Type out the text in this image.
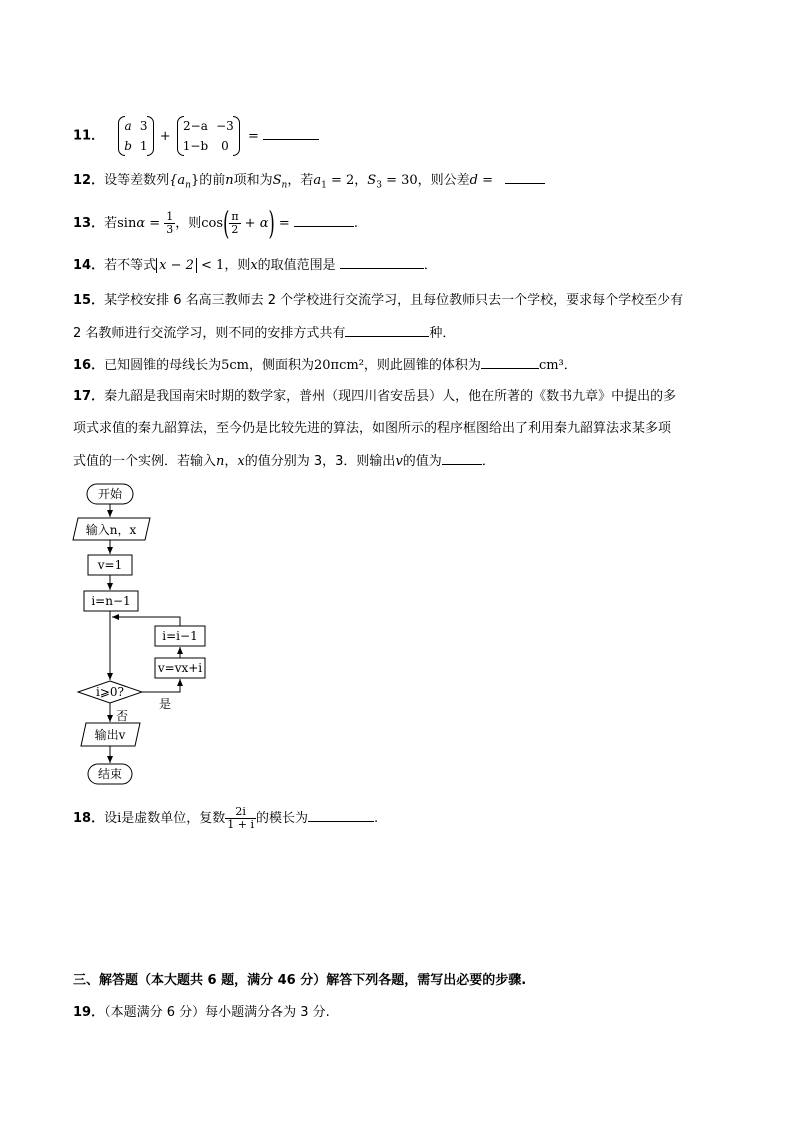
11．
a	3
b	1
+
2−a	−3
1−b	0
=
12．设等差数列$\{a_n\}$的前n项和为$S_n$，若$a_1 = 2$，$S_3 = 30$，则公差d =
13．若$\sin\alpha = \frac{1}{3}$ ，则$\cos( \frac{\pi}{2} + \alpha)$ =	.
14．若不等式 x − 2 < 1，则x的取值范围是	．
15．某学校安排 6 名高三教师去 2 个学校进行交流学习，且每位教师只去一个学校，要求每个学校至少有
2 名教师进行交流学习，则不同的安排方式共有	种．
16．已知圆锥的母线长为5cm，侧面积为20πcm²，则此圆锥的体积为	cm³．
17．秦九韶是我国南宋时期的数学家，普州（现四川省安岳县）人，他在所著的《数书九章》中提出的多
项式求值的秦九韶算法，至今仍是比较先进的算法，如图所示的程序框图给出了利用秦九韶算法求某多项
式值的一个实例．若输入n，x的值分别为 3，3．则输出v的值为	．
开始
输入n，x
v=1
i=n−1
i=i−1
v=vx+i
i⩾0?
是
否
输出v
结束
18．设i是虚数单位，复数 $\frac{2i}{1 + i}$ 的模长为	.
三、解答题（本大题共 6 题，满分 46 分）解答下列各题，需写出必要的步骤.
19．（本题满分 6 分）每小题满分各为 3 分.
